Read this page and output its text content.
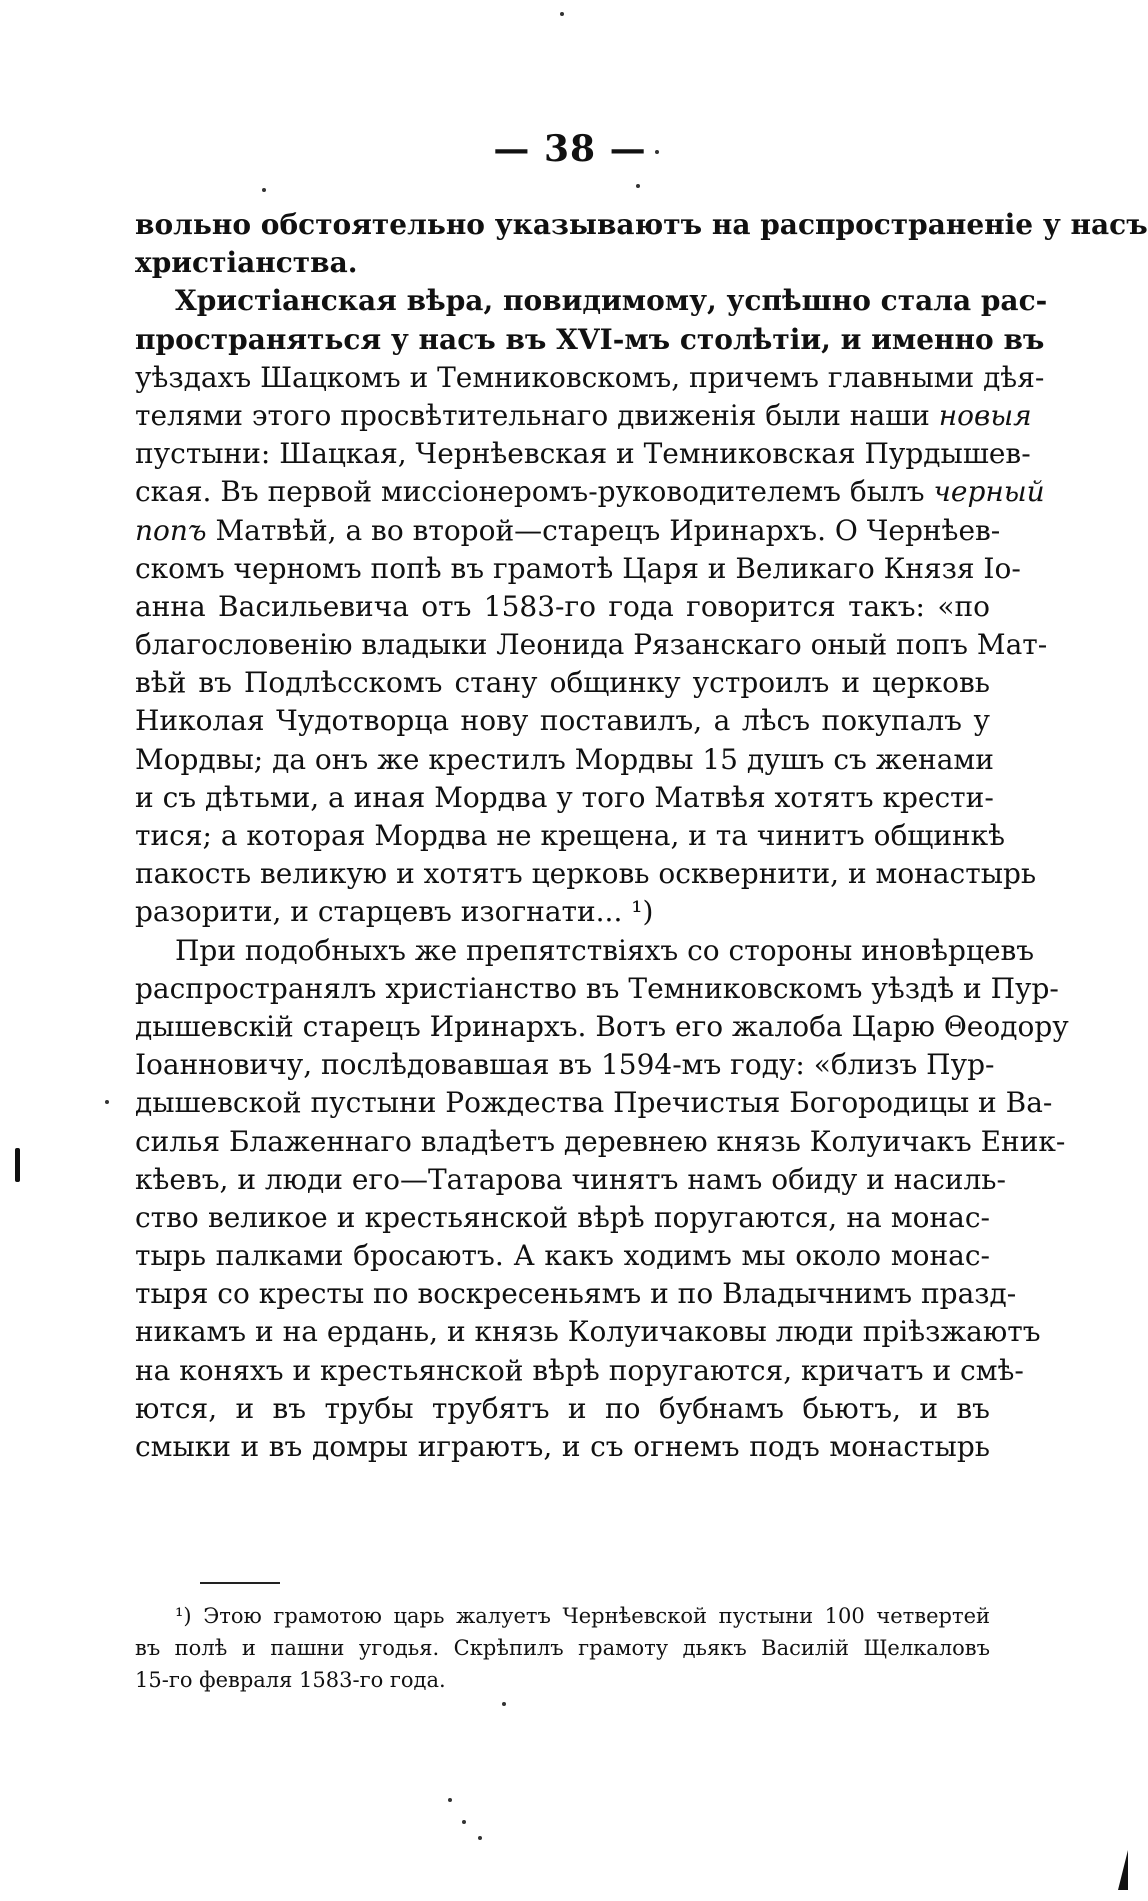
— 38 —
вольно обстоятельно указываютъ на распространенiе у насъ
христiанства.
Христiанская вѣра, повидимому, успѣшно стала рас-
пространяться у насъ въ XVI-мъ столѣтiи, и именно въ
уѣздахъ Шацкомъ и Темниковскомъ, причемъ главными дѣя-
телями этого просвѣтительнаго движенiя были наши новыя
пустыни: Шацкая, Чернѣевская и Темниковская Пурдышев-
ская. Въ первой миссiонеромъ-руководителемъ былъ черный
попъ Матвѣй, а во второй—старецъ Иринархъ. О Чернѣев-
скомъ черномъ попѣ въ грамотѣ Царя и Великаго Князя Іо-
анна Васильевича отъ 1583-го года говорится такъ: «по
благословенiю владыки Леонида Рязанскаго оный попъ Мат-
вѣй въ Подлѣсскомъ стану общинку устроилъ и церковь
Николая Чудотворца нову поставилъ, а лѣсъ покупалъ у
Мордвы; да онъ же крестилъ Мордвы 15 душъ съ женами
и съ дѣтьми, а иная Мордва у того Матвѣя хотятъ крести-
тися; а которая Мордва не крещена, и та чинитъ общинкѣ
пакость великую и хотятъ церковь осквернити, и монастырь
разорити, и старцевъ изогнати... ¹)
При подобныхъ же препятствiяхъ со стороны иновѣрцевъ
распространялъ христiанство въ Темниковскомъ уѣздѣ и Пур-
дышевскiй старецъ Иринархъ. Вотъ его жалоба Царю Θеодору
Іоанновичу, послѣдовавшая въ 1594-мъ году: «близъ Пур-
дышевской пустыни Рождества Пречистыя Богородицы и Ва-
силья Блаженнаго владѣетъ деревнею князь Колуичакъ Еник-
кѣевъ, и люди его—Татарова чинятъ намъ обиду и насиль-
ство великое и крестьянской вѣрѣ поругаются, на монас-
тырь палками бросаютъ. А какъ ходимъ мы около монас-
тыря со кресты по воскресеньямъ и по Владычнимъ празд-
никамъ и на ердань, и князь Колуичаковы люди прiѣзжаютъ
на коняхъ и крестьянской вѣрѣ поругаются, кричатъ и смѣ-
ются, и въ трубы трубятъ и по бубнамъ бьютъ, и въ
смыки и въ домры играютъ, и съ огнемъ подъ монастырь
¹) Этою грамотою царь жалуетъ Чернѣевской пустыни 100 четвертей
въ полѣ и пашни угодья. Скрѣпилъ грамоту дьякъ Василiй Щелкаловъ
15-го февраля 1583-го года.
